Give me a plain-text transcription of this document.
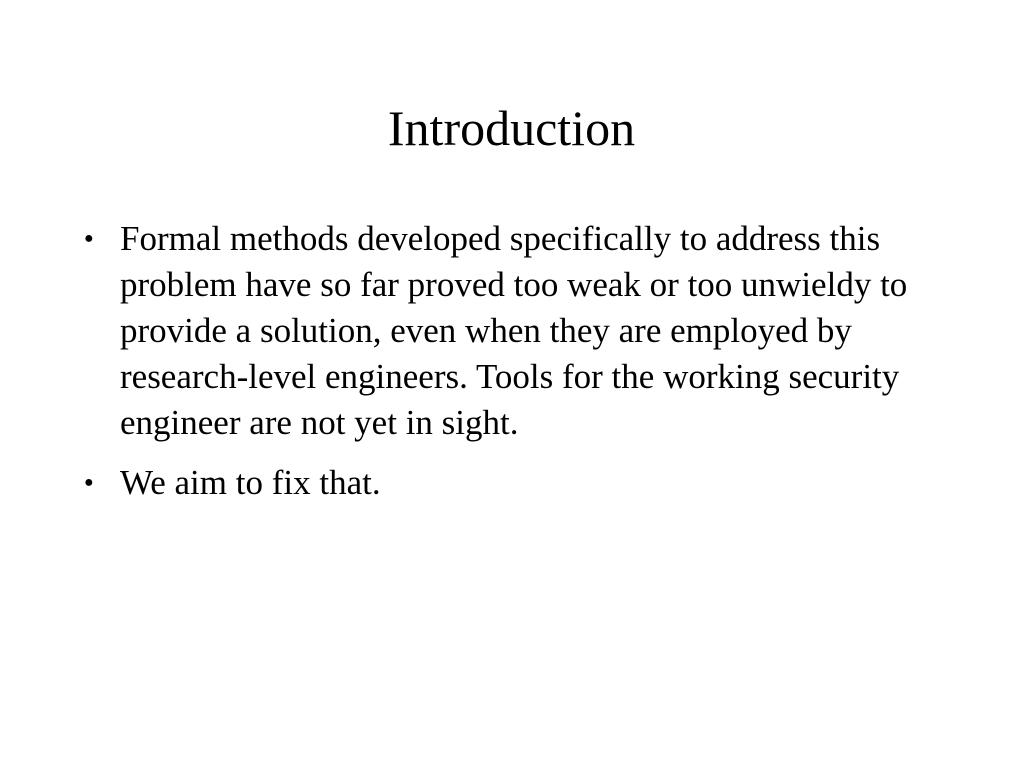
Introduction
● Formal methods developed specifically to address this problem have so far proved too weak or too unwieldy to provide a solution, even when they are employed by research-level engineers. Tools for the working security engineer are not yet in sight.
● We aim to fix that.
